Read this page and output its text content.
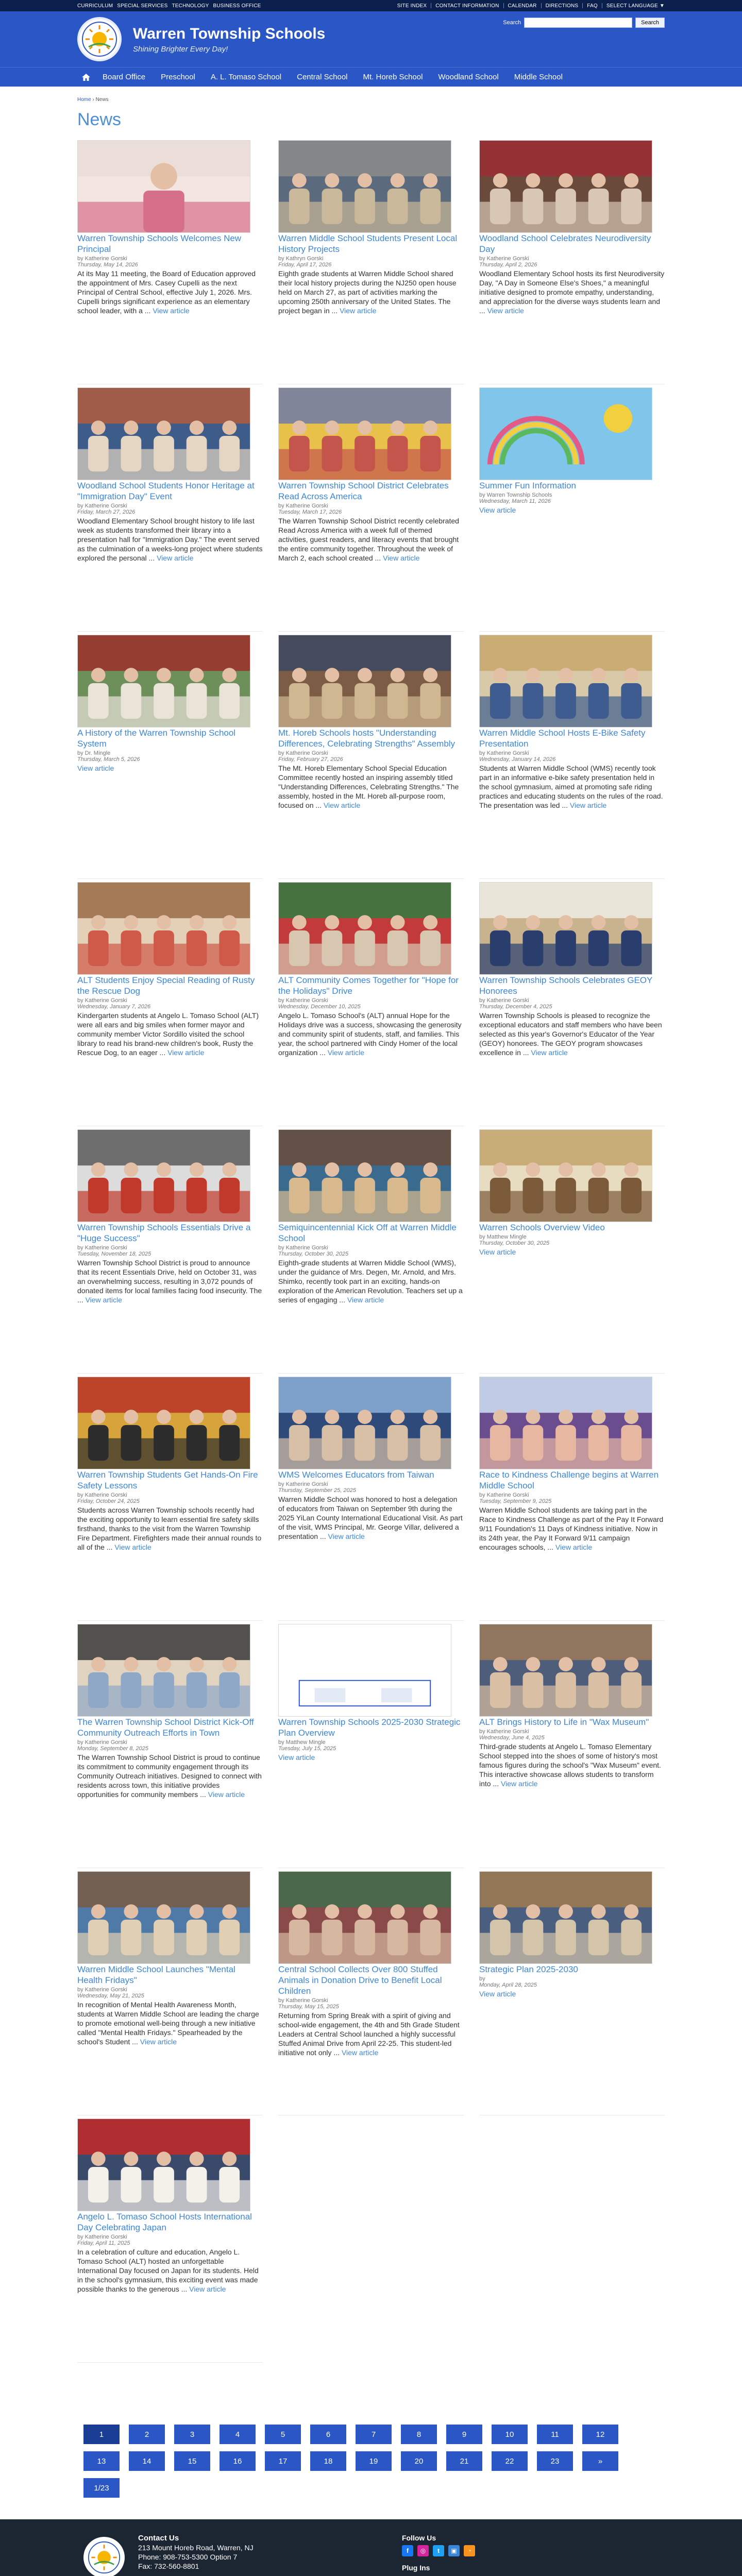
CURRICULUM SPECIAL SERVICES TECHNOLOGY BUSINESS OFFICE	SITE INDEX CONTACT INFORMATION CALENDAR DIRECTIONS FAQ SELECT LANGUAGE ▼
Warren Township Schools
Shining Brighter Every Day!
Search	Search
Board Office	Preschool	A. L. Tomaso School	Central School	Mt. Horeb School	Woodland School	Middle School
Home › News
News
Warren Township Schools Welcomes New Principal
by Katherine Gorski
Thursday, May 14, 2026
At its May 11 meeting, the Board of Education approved the appointment of Mrs. Casey Cupelli as the next Principal of Central School, effective July 1, 2026. Mrs. Cupelli brings significant experience as an elementary school leader, with a ... View article
Warren Middle School Students Present Local History Projects
by Kathryn Gorski
Friday, April 17, 2026
Eighth grade students at Warren Middle School shared their local history projects during the NJ250 open house held on March 27, as part of activities marking the upcoming 250th anniversary of the United States. The project began in ... View article
Woodland School Celebrates Neurodiversity Day
by Katherine Gorski
Thursday, April 2, 2026
Woodland Elementary School hosts its first Neurodiversity Day, "A Day in Someone Else's Shoes," a meaningful initiative designed to promote empathy, understanding, and appreciation for the diverse ways students learn and ... View article
Woodland School Students Honor Heritage at "Immigration Day" Event
by Katherine Gorski
Friday, March 27, 2026
Woodland Elementary School brought history to life last week as students transformed their library into a presentation hall for "Immigration Day." The event served as the culmination of a weeks-long project where students explored the personal ... View article
Warren Township School District Celebrates Read Across America
by Katherine Gorski
Tuesday, March 17, 2026
The Warren Township School District recently celebrated Read Across America with a week full of themed activities, guest readers, and literacy events that brought the entire community together. Throughout the week of March 2, each school created ... View article
Summer Fun Information
by Warren Township Schools
Wednesday, March 11, 2026
View article
A History of the Warren Township School System
by Dr. Mingle
Thursday, March 5, 2026
View article
Mt. Horeb Schools hosts "Understanding Differences, Celebrating Strengths" Assembly
by Katherine Gorski
Friday, February 27, 2026
The Mt. Horeb Elementary School Special Education Committee recently hosted an inspiring assembly titled "Understanding Differences, Celebrating Strengths." The assembly, hosted in the Mt. Horeb all-purpose room, focused on ... View article
Warren Middle School Hosts E-Bike Safety Presentation
by Katherine Gorski
Wednesday, January 14, 2026
Students at Warren Middle School (WMS) recently took part in an informative e-bike safety presentation held in the school gymnasium, aimed at promoting safe riding practices and educating students on the rules of the road. The presentation was led ... View article
ALT Students Enjoy Special Reading of Rusty the Rescue Dog
by Katherine Gorski
Wednesday, January 7, 2026
Kindergarten students at Angelo L. Tomaso School (ALT) were all ears and big smiles when former mayor and community member Victor Sordillo visited the school library to read his brand-new children's book, Rusty the Rescue Dog, to an eager ... View article
ALT Community Comes Together for "Hope for the Holidays" Drive
by Katherine Gorski
Wednesday, December 10, 2025
Angelo L. Tomaso School's (ALT) annual Hope for the Holidays drive was a success, showcasing the generosity and community spirit of students, staff, and families. This year, the school partnered with Cindy Homer of the local organization ... View article
Warren Township Schools Celebrates GEOY Honorees
by Katherine Gorski
Thursday, December 4, 2025
Warren Township Schools is pleased to recognize the exceptional educators and staff members who have been selected as this year's Governor's Educator of the Year (GEOY) honorees. The GEOY program showcases excellence in ... View article
Warren Township Schools Essentials Drive a "Huge Success"
by Katherine Gorski
Tuesday, November 18, 2025
Warren Township School District is proud to announce that its recent Essentials Drive, held on October 31, was an overwhelming success, resulting in 3,072 pounds of donated items for local families facing food insecurity. The ... View article
Semiquincentennial Kick Off at Warren Middle School
by Katherine Gorski
Thursday, October 30, 2025
Eighth-grade students at Warren Middle School (WMS), under the guidance of Mrs. Degen, Mr. Arnold, and Mrs. Shimko, recently took part in an exciting, hands-on exploration of the American Revolution. Teachers set up a series of engaging ... View article
Warren Schools Overview Video
by Matthew Mingle
Thursday, October 30, 2025
View article
Warren Township Students Get Hands-On Fire Safety Lessons
by Katherine Gorski
Friday, October 24, 2025
Students across Warren Township schools recently had the exciting opportunity to learn essential fire safety skills firsthand, thanks to the visit from the Warren Township Fire Department. Firefighters made their annual rounds to all of the ... View article
WMS Welcomes Educators from Taiwan
by Katherine Gorski
Thursday, September 25, 2025
Warren Middle School was honored to host a delegation of educators from Taiwan on September 9th during the 2025 YiLan County International Educational Visit. As part of the visit, WMS Principal, Mr. George Villar, delivered a presentation ... View article
Race to Kindness Challenge begins at Warren Middle School
by Katherine Gorski
Tuesday, September 9, 2025
Warren Middle School students are taking part in the Race to Kindness Challenge as part of the Pay It Forward 9/11 Foundation's 11 Days of Kindness initiative. Now in its 24th year, the Pay It Forward 9/11 campaign encourages schools, ... View article
The Warren Township School District Kick-Off Community Outreach Efforts in Town
by Katherine Gorski
Monday, September 8, 2025
The Warren Township School District is proud to continue its commitment to community engagement through its Community Outreach initiatives. Designed to connect with residents across town, this initiative provides opportunities for community members ... View article
Warren Township Schools 2025-2030 Strategic Plan Overview
by Matthew Mingle
Tuesday, July 15, 2025
View article
ALT Brings History to Life in "Wax Museum"
by Katherine Gorski
Wednesday, June 4, 2025
Third-grade students at Angelo L. Tomaso Elementary School stepped into the shoes of some of history's most famous figures during the school's "Wax Museum" event. This interactive showcase allows students to transform into ... View article
Warren Middle School Launches "Mental Health Fridays"
by Katherine Gorski
Wednesday, May 21, 2025
In recognition of Mental Health Awareness Month, students at Warren Middle School are leading the charge to promote emotional well-being through a new initiative called "Mental Health Fridays." Spearheaded by the school's Student ... View article
Central School Collects Over 800 Stuffed Animals in Donation Drive to Benefit Local Children
by Katherine Gorski
Thursday, May 15, 2025
Returning from Spring Break with a spirit of giving and school-wide engagement, the 4th and 5th Grade Student Leaders at Central School launched a highly successful Stuffed Animal Drive from April 22-25. This student-led initiative not only ... View article
Strategic Plan 2025-2030
by
Monday, April 28, 2025
View article
Angelo L. Tomaso School Hosts International Day Celebrating Japan
by Katherine Gorski
Friday, April 11, 2025
In a celebration of culture and education, Angelo L. Tomaso School (ALT) hosted an unforgettable International Day focused on Japan for its students. Held in the school's gymnasium, this exciting event was made possible thanks to the generous ... View article
1	2	3	4	5	6	7	8	9	10	11	12
13	14	15	16	17	18	19	20	21	22	23	»
1/23
Contact Us
213 Mount Horeb Road, Warren, NJ
Phone: 908-753-5300 Option 7
Fax: 732-560-8801
Follow Us
f	◎	t	▣	◔
Plug Ins
